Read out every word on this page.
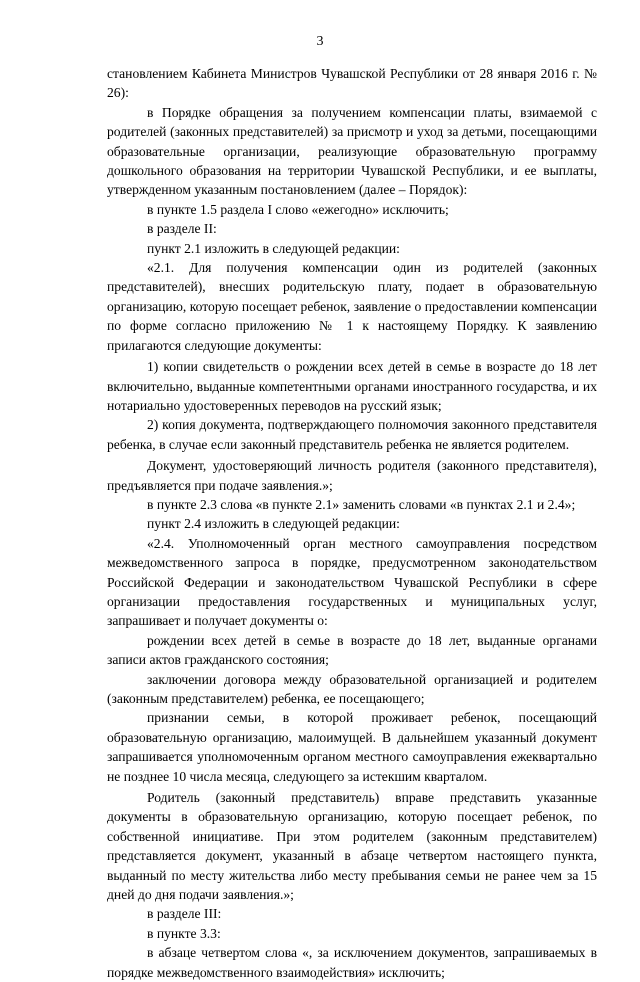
3

становлением Кабинета Министров Чувашской Республики от 28 января 2016 г. № 26):

в Порядке обращения за получением компенсации платы, взимаемой с родителей (законных представителей) за присмотр и уход за детьми, посещающими образовательные организации, реализующие образовательную программу дошкольного образования на территории Чувашской Республики, и ее выплаты, утвержденном указанным постановлением (далее – Порядок):

в пункте 1.5 раздела I слово «ежегодно» исключить;

в разделе II:

пункт 2.1 изложить в следующей редакции:

«2.1. Для получения компенсации один из родителей (законных представителей), внесших родительскую плату, подает в образовательную организацию, которую посещает ребенок, заявление о предоставлении компенсации по форме согласно приложению № 1 к настоящему Порядку. К заявлению прилагаются следующие документы:

1) копии свидетельств о рождении всех детей в семье в возрасте до 18 лет включительно, выданные компетентными органами иностранного государства, и их нотариально удостоверенных переводов на русский язык;

2) копия документа, подтверждающего полномочия законного представителя ребенка, в случае если законный представитель ребенка не является родителем.

Документ, удостоверяющий личность родителя (законного представителя), предъявляется при подаче заявления.»;

в пункте 2.3 слова «в пункте 2.1» заменить словами «в пунктах 2.1 и 2.4»;

пункт 2.4 изложить в следующей редакции:

«2.4. Уполномоченный орган местного самоуправления посредством межведомственного запроса в порядке, предусмотренном законодательством Российской Федерации и законодательством Чувашской Республики в сфере организации предоставления государственных и муниципальных услуг, запрашивает и получает документы о:

рождении всех детей в семье в возрасте до 18 лет, выданные органами записи актов гражданского состояния;

заключении договора между образовательной организацией и родителем (законным представителем) ребенка, ее посещающего;

признании семьи, в которой проживает ребенок, посещающий образовательную организацию, малоимущей. В дальнейшем указанный документ запрашивается уполномоченным органом местного самоуправления ежеквартально не позднее 10 числа месяца, следующего за истекшим кварталом.

Родитель (законный представитель) вправе представить указанные документы в образовательную организацию, которую посещает ребенок, по собственной инициативе. При этом родителем (законным представителем) представляется документ, указанный в абзаце четвертом настоящего пункта, выданный по месту жительства либо месту пребывания семьи не ранее чем за 15 дней до дня подачи заявления.»;

в разделе III:

в пункте 3.3:

в абзаце четвертом слова «, за исключением документов, запрашиваемых в порядке межведомственного взаимодействия» исключить;
